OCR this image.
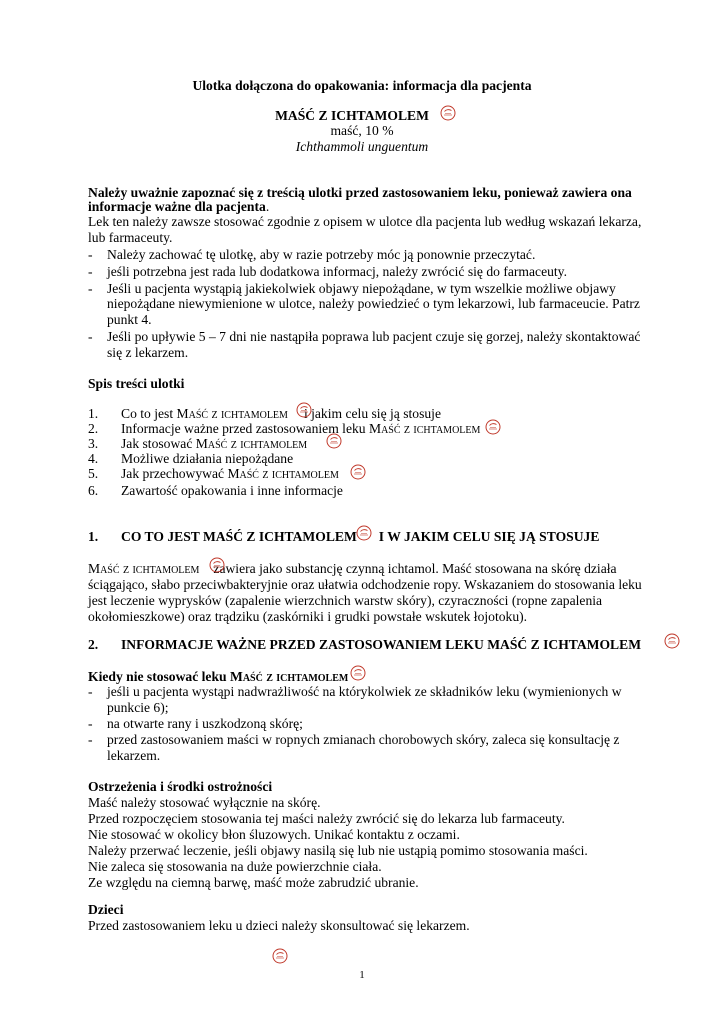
Ulotka dołączona do opakowania: informacja dla pacjenta
MAŚĆ Z ICHTAMOLEM
maść, 10 %
Ichthammoli unguentum
Należy uważnie zapoznać się z treścią ulotki przed zastosowaniem leku, ponieważ zawiera ona
informacje ważne dla pacjenta.
Lek ten należy zawsze stosować zgodnie z opisem w ulotce dla pacjenta lub według wskazań lekarza,
lub farmaceuty.
- Należy zachować tę ulotkę, aby w razie potrzeby móc ją ponownie przeczytać.
- jeśli potrzebna jest rada lub dodatkowa informacj, należy zwrócić się do farmaceuty.
- Jeśli u pacjenta wystąpią jakiekolwiek objawy niepożądane, w tym wszelkie możliwe objawy
niepożądane niewymienione w ulotce, należy powiedzieć o tym lekarzowi, lub farmaceucie. Patrz
punkt 4.
- Jeśli po upływie 5 – 7 dni nie nastąpiła poprawa lub pacjent czuje się gorzej, należy skontaktować
się z lekarzem.
Spis treści ulotki
1. Co to jest Maść z ichtamolem i jakim celu się ją stosuje
2. Informacje ważne przed zastosowaniem leku Maść z ichtamolem
3. Jak stosować Maść z ichtamolem
4. Możliwe działania niepożądane
5. Jak przechowywać Maść z ichtamolem
6. Zawartość opakowania i inne informacje
1. CO TO JEST MAŚĆ Z ICHTAMOLEM I W JAKIM CELU SIĘ JĄ STOSUJE
Maść z ichtamolem zawiera jako substancję czynną ichtamol. Maść stosowana na skórę działa
ściągająco, słabo przeciwbakteryjnie oraz ułatwia odchodzenie ropy. Wskazaniem do stosowania leku
jest leczenie wyprysków (zapalenie wierzchnich warstw skóry), czyraczności (ropne zapalenia
okołomieszkowe) oraz trądziku (zaskórniki i grudki powstałe wskutek łojotoku).
2. INFORMACJE WAŻNE PRZED ZASTOSOWANIEM LEKU MAŚĆ Z ICHTAMOLEM
Kiedy nie stosować leku Maść z ichtamolem
- jeśli u pacjenta wystąpi nadwrażliwość na którykolwiek ze składników leku (wymienionych w
punkcie 6);
- na otwarte rany i uszkodzoną skórę;
- przed zastosowaniem maści w ropnych zmianach chorobowych skóry, zaleca się konsultację z
lekarzem.
Ostrzeżenia i środki ostrożności
Maść należy stosować wyłącznie na skórę.
Przed rozpoczęciem stosowania tej maści należy zwrócić się do lekarza lub farmaceuty.
Nie stosować w okolicy błon śluzowych. Unikać kontaktu z oczami.
Należy przerwać leczenie, jeśli objawy nasilą się lub nie ustąpią pomimo stosowania maści.
Nie zaleca się stosowania na duże powierzchnie ciała.
Ze względu na ciemną barwę, maść może zabrudzić ubranie.
Dzieci
Przed zastosowaniem leku u dzieci należy skonsultować się lekarzem.
1
